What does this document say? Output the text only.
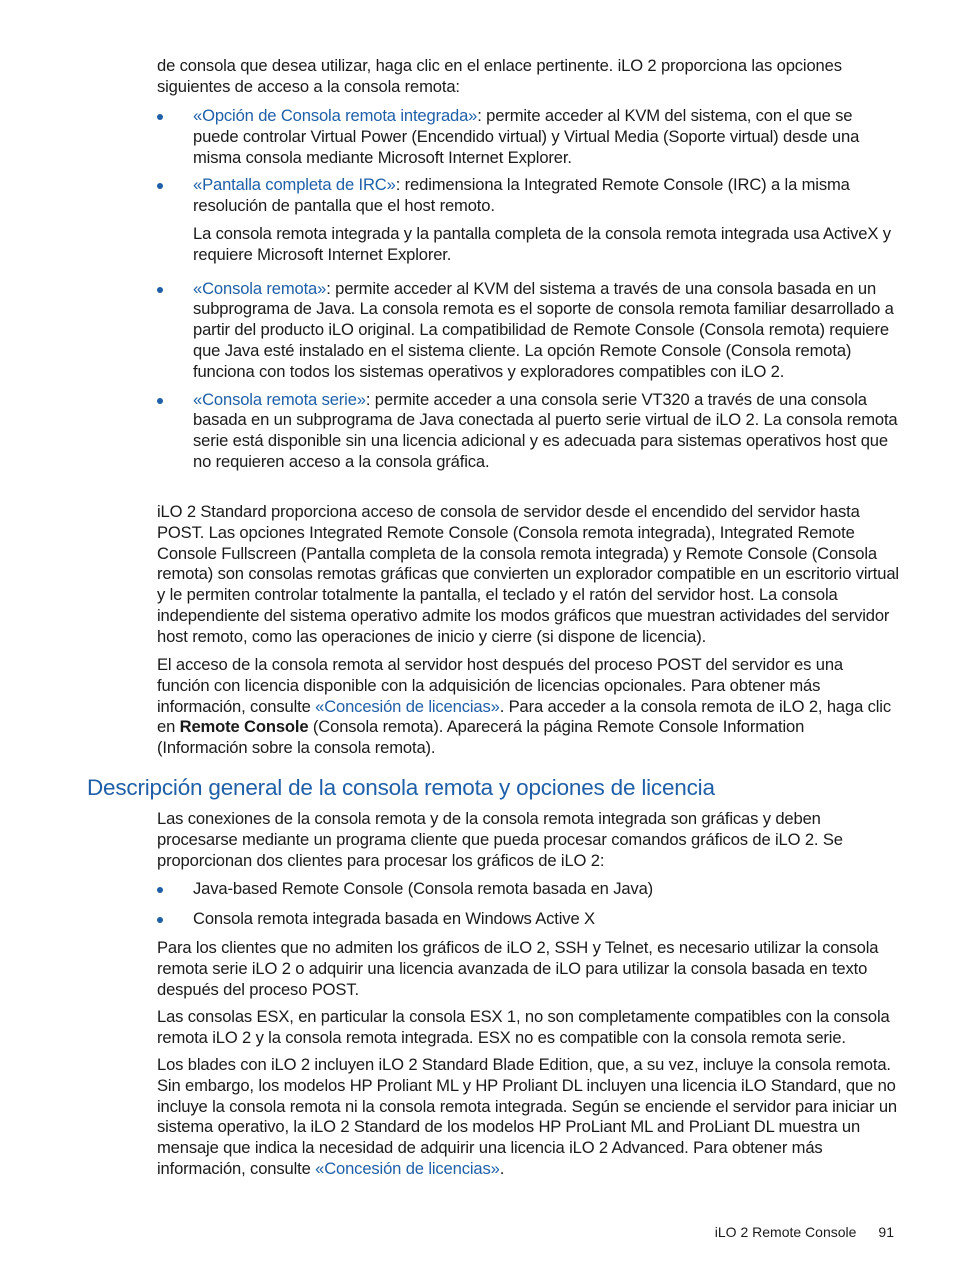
de consola que desea utilizar, haga clic en el enlace pertinente. iLO 2 proporciona las opciones siguientes de acceso a la consola remota:

«Opción de Consola remota integrada»: permite acceder al KVM del sistema, con el que se puede controlar Virtual Power (Encendido virtual) y Virtual Media (Soporte virtual) desde una misma consola mediante Microsoft Internet Explorer.

«Pantalla completa de IRC»: redimensiona la Integrated Remote Console (IRC) a la misma resolución de pantalla que el host remoto.

La consola remota integrada y la pantalla completa de la consola remota integrada usa ActiveX y requiere Microsoft Internet Explorer.

«Consola remota»: permite acceder al KVM del sistema a través de una consola basada en un subprograma de Java. La consola remota es el soporte de consola remota familiar desarrollado a partir del producto iLO original. La compatibilidad de Remote Console (Consola remota) requiere que Java esté instalado en el sistema cliente. La opción Remote Console (Consola remota) funciona con todos los sistemas operativos y exploradores compatibles con iLO 2.

«Consola remota serie»: permite acceder a una consola serie VT320 a través de una consola basada en un subprograma de Java conectada al puerto serie virtual de iLO 2. La consola remota serie está disponible sin una licencia adicional y es adecuada para sistemas operativos host que no requieren acceso a la consola gráfica.

iLO 2 Standard proporciona acceso de consola de servidor desde el encendido del servidor hasta POST. Las opciones Integrated Remote Console (Consola remota integrada), Integrated Remote Console Fullscreen (Pantalla completa de la consola remota integrada) y Remote Console (Consola remota) son consolas remotas gráficas que convierten un explorador compatible en un escritorio virtual y le permiten controlar totalmente la pantalla, el teclado y el ratón del servidor host. La consola independiente del sistema operativo admite los modos gráficos que muestran actividades del servidor host remoto, como las operaciones de inicio y cierre (si dispone de licencia).

El acceso de la consola remota al servidor host después del proceso POST del servidor es una función con licencia disponible con la adquisición de licencias opcionales. Para obtener más información, consulte «Concesión de licencias». Para acceder a la consola remota de iLO 2, haga clic en Remote Console (Consola remota). Aparecerá la página Remote Console Information (Información sobre la consola remota).

Descripción general de la consola remota y opciones de licencia

Las conexiones de la consola remota y de la consola remota integrada son gráficas y deben procesarse mediante un programa cliente que pueda procesar comandos gráficos de iLO 2. Se proporcionan dos clientes para procesar los gráficos de iLO 2:

Java-based Remote Console (Consola remota basada en Java)

Consola remota integrada basada en Windows Active X

Para los clientes que no admiten los gráficos de iLO 2, SSH y Telnet, es necesario utilizar la consola remota serie iLO 2 o adquirir una licencia avanzada de iLO para utilizar la consola basada en texto después del proceso POST.

Las consolas ESX, en particular la consola ESX 1, no son completamente compatibles con la consola remota iLO 2 y la consola remota integrada. ESX no es compatible con la consola remota serie.

Los blades con iLO 2 incluyen iLO 2 Standard Blade Edition, que, a su vez, incluye la consola remota. Sin embargo, los modelos HP Proliant ML y HP Proliant DL incluyen una licencia iLO Standard, que no incluye la consola remota ni la consola remota integrada. Según se enciende el servidor para iniciar un sistema operativo, la iLO 2 Standard de los modelos HP ProLiant ML and ProLiant DL muestra un mensaje que indica la necesidad de adquirir una licencia iLO 2 Advanced. Para obtener más información, consulte «Concesión de licencias».

iLO 2 Remote Console 91
